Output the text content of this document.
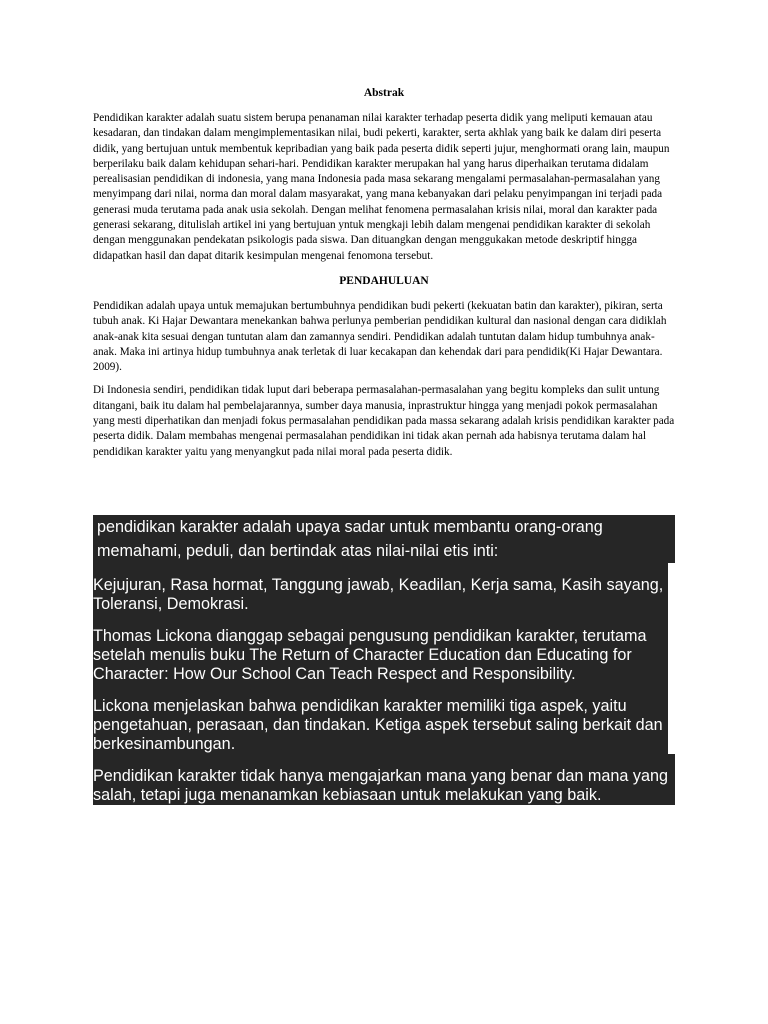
Abstrak

Pendidikan karakter adalah suatu sistem berupa penanaman nilai karakter terhadap peserta didik yang meliputi kemauan atau kesadaran, dan tindakan dalam mengimplementasikan nilai, budi pekerti, karakter, serta akhlak yang baik ke dalam diri peserta didik, yang bertujuan untuk membentuk kepribadian yang baik pada peserta didik seperti jujur, menghormati orang lain, maupun berperilaku baik dalam kehidupan sehari-hari. Pendidikan karakter merupakan hal yang harus diperhaikan terutama didalam perealisasian pendidikan di indonesia, yang mana Indonesia pada masa sekarang mengalami permasalahan-permasalahan yang menyimpang dari nilai, norma dan moral dalam masyarakat, yang mana kebanyakan dari pelaku penyimpangan ini terjadi pada generasi muda terutama pada anak usia sekolah. Dengan melihat fenomena permasalahan krisis nilai, moral dan karakter pada generasi sekarang, ditulislah artikel ini yang bertujuan yntuk mengkaji lebih dalam mengenai pendidikan karakter di sekolah dengan menggunakan pendekatan psikologis pada siswa. Dan dituangkan dengan menggukakan metode deskriptif hingga didapatkan hasil dan dapat ditarik kesimpulan mengenai fenomona tersebut.

PENDAHULUAN

Pendidikan adalah upaya untuk memajukan bertumbuhnya pendidikan budi pekerti (kekuatan batin dan karakter), pikiran, serta tubuh anak. Ki Hajar Dewantara menekankan bahwa perlunya pemberian pendidikan kultural dan nasional dengan cara didiklah anak-anak kita sesuai dengan tuntutan alam dan zamannya sendiri. Pendidikan adalah tuntutan dalam hidup tumbuhnya anak-anak. Maka ini artinya hidup tumbuhnya anak terletak di luar kecakapan dan kehendak dari para pendidik(Ki Hajar Dewantara. 2009).

Di Indonesia sendiri, pendidikan tidak luput dari beberapa permasalahan-permasalahan yang begitu kompleks dan sulit untung ditangani, baik itu dalam hal pembelajarannya, sumber daya manusia, inprastruktur hingga yang menjadi pokok permasalahan yang mesti diperhatikan dan menjadi fokus permasalahan pendidikan pada massa sekarang adalah krisis pendidikan karakter pada peserta didik. Dalam membahas mengenai permasalahan pendidikan ini tidak akan pernah ada habisnya terutama dalam hal pendidikan karakter yaitu yang menyangkut pada nilai moral pada peserta didik.

pendidikan karakter adalah upaya sadar untuk membantu orang-orang
memahami, peduli, dan bertindak atas nilai-nilai etis inti:
Kejujuran, Rasa hormat, Tanggung jawab, Keadilan, Kerja sama, Kasih sayang, Toleransi, Demokrasi.
Thomas Lickona dianggap sebagai pengusung pendidikan karakter, terutama setelah menulis buku The Return of Character Education dan Educating for Character: How Our School Can Teach Respect and Responsibility.
Lickona menjelaskan bahwa pendidikan karakter memiliki tiga aspek, yaitu pengetahuan, perasaan, dan tindakan. Ketiga aspek tersebut saling berkait dan berkesinambungan.
Pendidikan karakter tidak hanya mengajarkan mana yang benar dan mana yang salah, tetapi juga menanamkan kebiasaan untuk melakukan yang baik.
